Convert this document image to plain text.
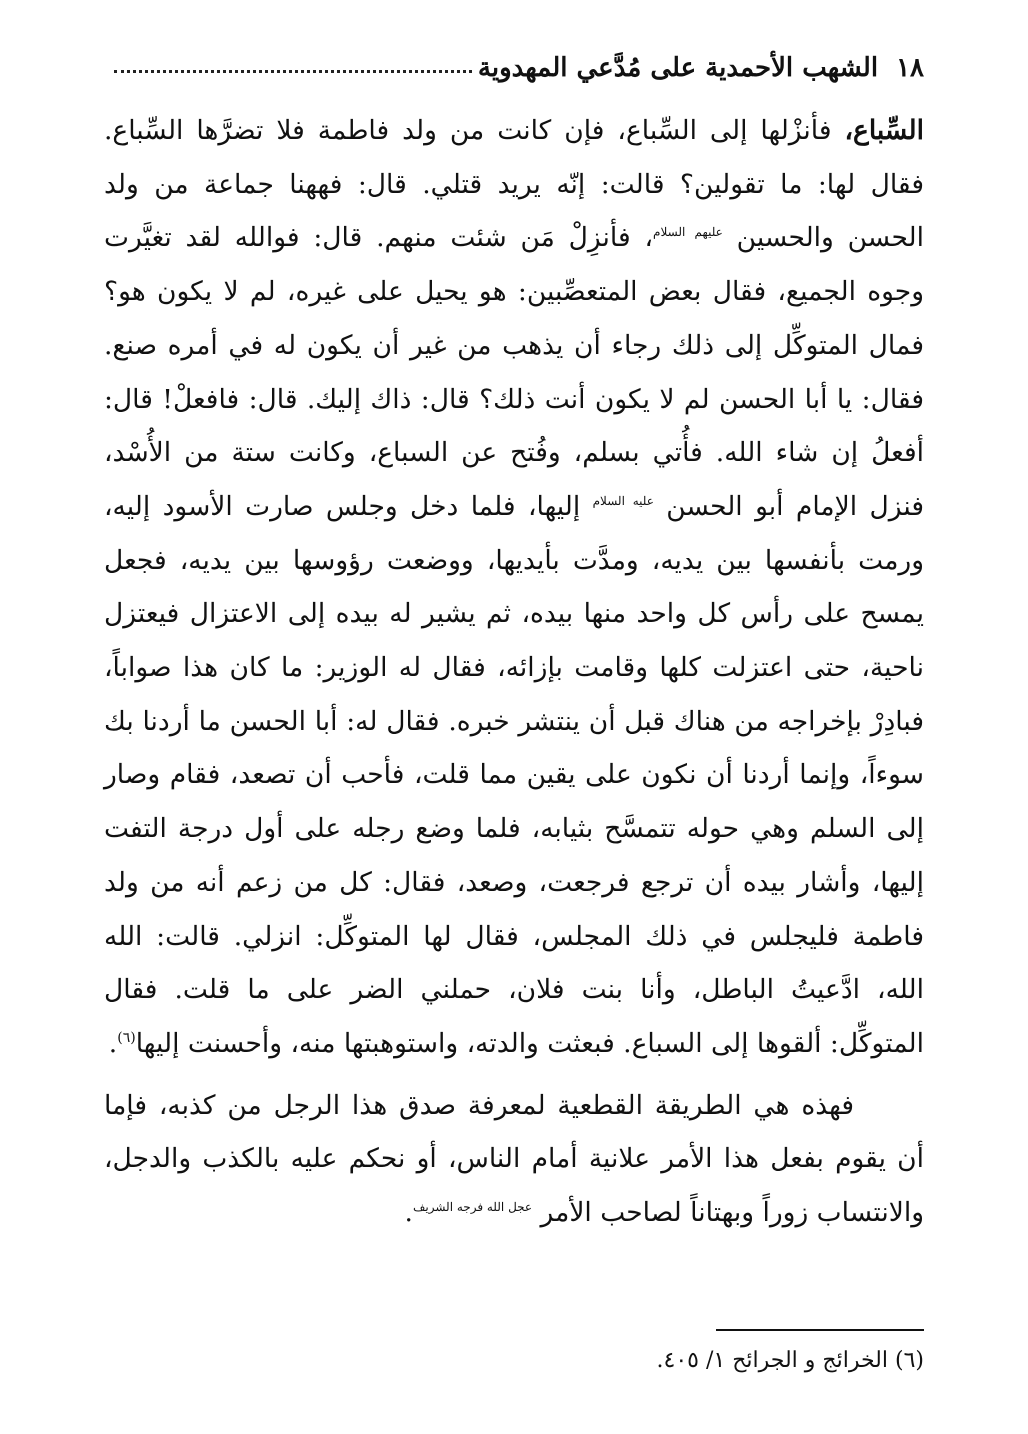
١٨
الشهب الأحمدية على مُدَّعي المهدوية

السِّباع، فأنزْلها إلى السِّباع، فإن كانت من ولد فاطمة فلا تضرَّها السِّباع. فقال لها: ما تقولين؟ قالت: إنّه يريد قتلي. قال: فههنا جماعة من ولد الحسن والحسين $^{عليهم السلام}$، فأنزِلْ مَن شئت منهم. قال: فوالله لقد تغيَّرت وجوه الجميع، فقال بعض المتعصِّبين: هو يحيل على غيره، لم لا يكون هو؟ فمال المتوكِّل إلى ذلك رجاء أن يذهب من غير أن يكون له في أمره صنع. فقال: يا أبا الحسن لم لا يكون أنت ذلك؟ قال: ذاك إليك. قال: فافعلْ! قال: أفعلُ إن شاء الله. فأُتي بسلم، وفُتح عن السباع، وكانت ستة من الأُسْد، فنزل الإمام أبو الحسن $^{عليه السلام}$ إليها، فلما دخل وجلس صارت الأسود إليه، ورمت بأنفسها بين يديه، ومدَّت بأيديها، ووضعت رؤوسها بين يديه، فجعل يمسح على رأس كل واحد منها بيده، ثم يشير له بيده إلى الاعتزال فيعتزل ناحية، حتى اعتزلت كلها وقامت بإزائه، فقال له الوزير: ما كان هذا صواباً، فبادِرْ بإخراجه من هناك قبل أن ينتشر خبره. فقال له: أبا الحسن ما أردنا بك سوءاً، وإنما أردنا أن نكون على يقين مما قلت، فأحب أن تصعد، فقام وصار إلى السلم وهي حوله تتمسَّح بثيابه، فلما وضع رجله على أول درجة التفت إليها، وأشار بيده أن ترجع فرجعت، وصعد، فقال: كل من زعم أنه من ولد فاطمة فليجلس في ذلك المجلس، فقال لها المتوكِّل: انزلي. قالت: الله الله، ادَّعيتُ الباطل، وأنا بنت فلان، حملني الضر على ما قلت. فقال المتوكِّل: ألقوها إلى السباع. فبعثت والدته، واستوهبتها منه، وأحسنت إليها$^{(٦)}$.

فهذه هي الطريقة القطعية لمعرفة صدق هذا الرجل من كذبه، فإما أن يقوم بفعل هذا الأمر علانية أمام الناس، أو نحكم عليه بالكذب والدجل، والانتساب زوراً وبهتاناً لصاحب الأمر $^{عجل الله فرجه الشريف}$.

(٦) الخرائج و الجرائح ١/ ٤٠٥.
